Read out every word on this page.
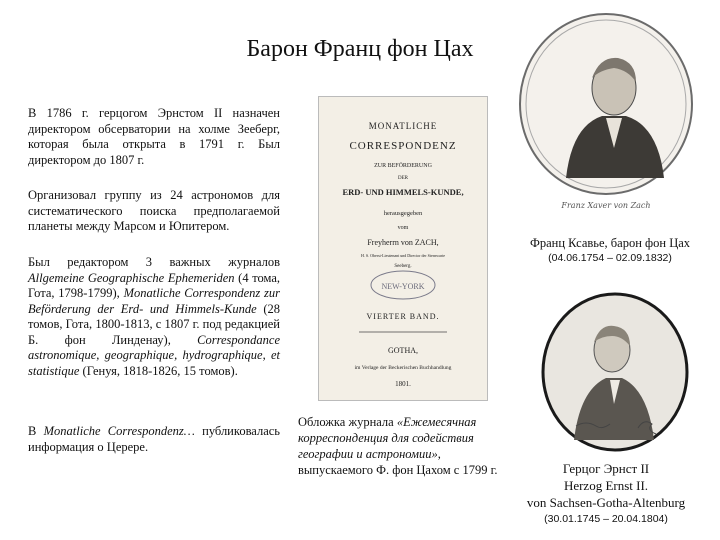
Барон Франц фон Цах
В 1786 г. герцогом Эрнстом II назначен директором обсерватории на холме Зееберг, которая была открыта в 1791 г. Был директором до 1807 г.
Организовал группу из 24 астрономов для систематического поиска предполагаемой планеты между Марсом и Юпитером.
Был редактором 3 важных журналов Allgemeine Geographische Ephemeriden (4 тома, Гота, 1798-1799), Monatliche Correspondenz zur Beförderung der Erd- und Himmels-Kunde (28 томов, Гота, 1800-1813, с 1807 г. под редакцией Б. фон Линденау), Correspondance astronomique, geographique, hydrographique, et statistique (Генуя, 1818-1826, 15 томов).
В Monatliche Correspondenz… публиковалась информация о Церере.
MONATLICHE
CORRESPONDENZ
ZUR BEFÖRDERUNG
DER
ERD- UND HIMMELS-KUNDE,
herausgegeben
vom
Freyherrn von ZACH,
H. S. Oberst-Lieutenant und Director der Sternwarte
Seeberg.
NEW-YORK
VIERTER BAND.
GOTHA,
im Verlage der Beckerischen Buchhandlung
1801.
Обложка журнала «Ежемесячная корреспонденция для содействия географии и астрономии», выпускаемого Ф. фон Цахом с 1799 г.
Franz Xaver von Zach
Франц Ксавье, барон фон Цах
(04.06.1754 – 02.09.1832)
Герцог Эрнст II
Herzog Ernst II.
von Sachsen-Gotha-Altenburg
(30.01.1745 – 20.04.1804)
